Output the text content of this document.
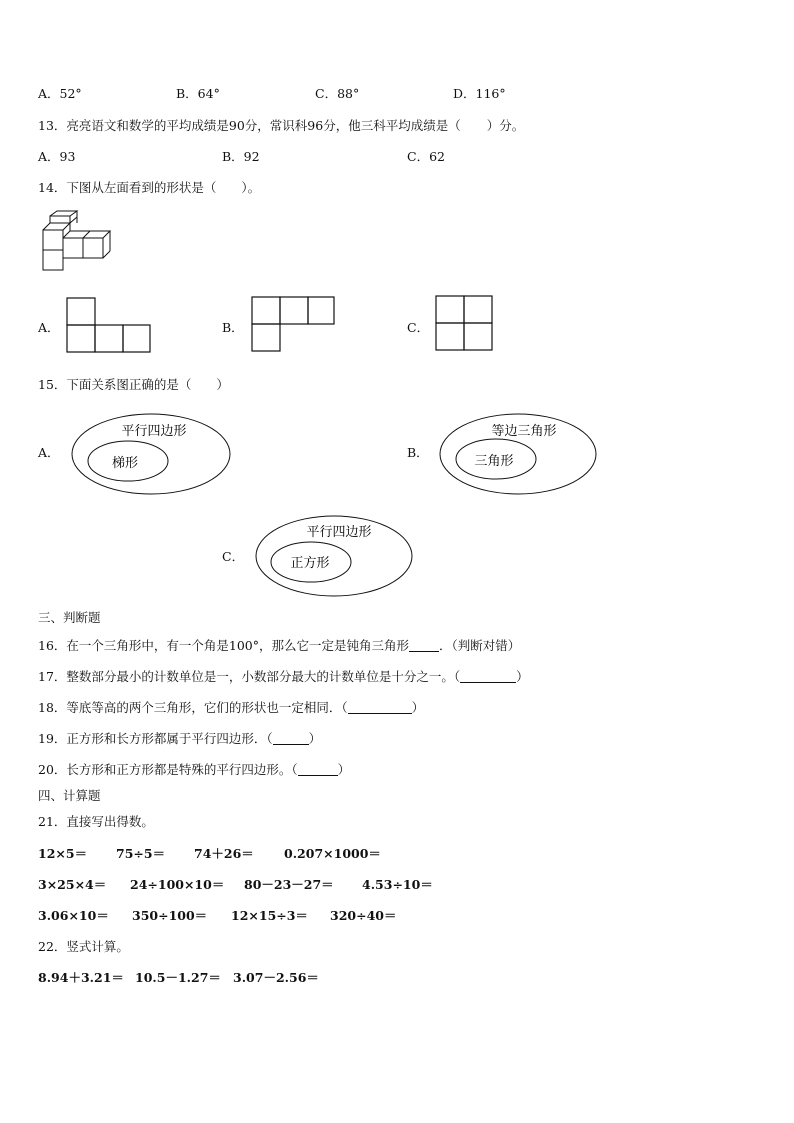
A．52°	B．64°	C．88°	D．116°
13．亮亮语文和数学的平均成绩是90分，常识科96分，他三科平均成绩是（ ）分。
A．93	B．92	C．62
14．下图从左面看到的形状是（　　）。
A．	B．	C．
15．下面关系图正确的是（　　）
A．
平行四边形
梯形
B．
等边三角形
三角形
C．
平行四边形
正方形
三、判断题
16．在一个三角形中，有一个角是100°，那么它一定是钝角三角形 ．（判断对错）
17．整数部分最小的计数单位是一，小数部分最大的计数单位是十分之一。（	）
18．等底等高的两个三角形，它们的形状也一定相同．（	）
19．正方形和长方形都属于平行四边形．（	）
20．长方形和正方形都是特殊的平行四边形。（	）
四、计算题
21．直接写出得数。
12×5＝ 75÷5＝ 74＋26＝ 0.207×1000＝
3×25×4＝ 24÷100×10＝ 80－23－27＝ 4.53÷10＝
3.06×10＝ 350÷100＝ 12×15÷3＝ 320÷40＝
22．竖式计算。
8.94＋3.21＝ 10.5－1.27＝ 3.07－2.56＝
